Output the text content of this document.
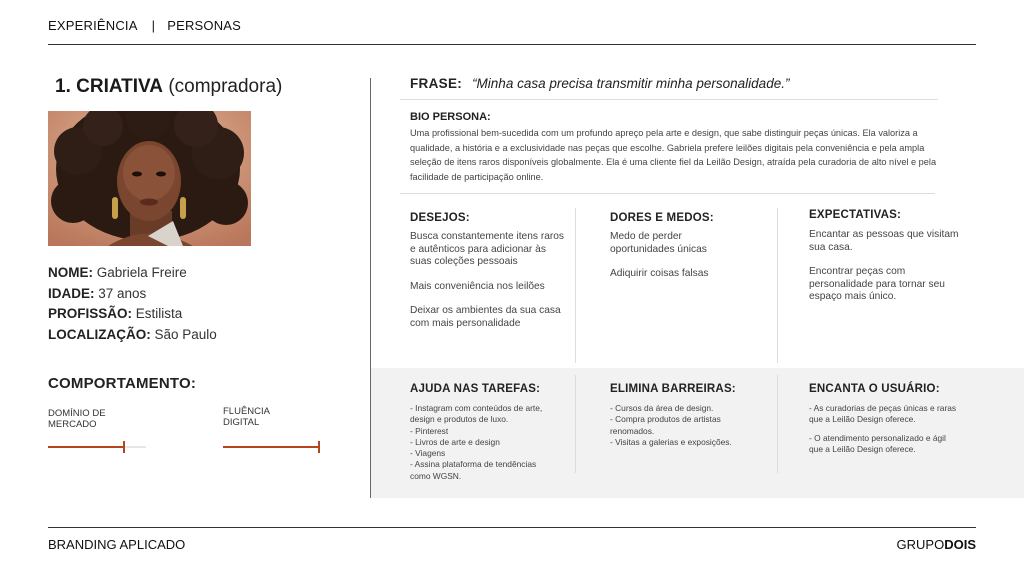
EXPERIÊNCIA | PERSONAS
1. CRIATIVA (compradora)
NOME: Gabriela Freire
IDADE: 37 anos
PROFISSÃO: Estilista
LOCALIZAÇÃO: São Paulo
COMPORTAMENTO:
DOMÍNIO DE MERCADO
FLUÊNCIA DIGITAL
FRASE: “Minha casa precisa transmitir minha personalidade.”
BIO PERSONA:
Uma profissional bem-sucedida com um profundo apreço pela arte e design, que sabe distinguir peças únicas. Ela valoriza a qualidade, a história e a exclusividade nas peças que escolhe. Gabriela prefere leilões digitais pela conveniência e pela ampla seleção de itens raros disponíveis globalmente. Ela é uma cliente fiel da Leilão Design, atraída pela curadoria de alto nível e pela facilidade de participação online.
DESEJOS:

Busca constantemente itens raros e autênticos para adicionar às suas coleções pessoais

Mais conveniência nos leilões

Deixar os ambientes da sua casa com mais personalidade

DORES E MEDOS:

Medo de perder oportunidades únicas

Adiquirir coisas falsas

EXPECTATIVAS:

Encantar as pessoas que visitam sua casa.

Encontrar peças com personalidade para tornar seu espaço mais único.

AJUDA NAS TAREFAS:

- Instagram com conteúdos de arte, design e produtos de luxo.

- Pinterest

- Livros de arte e design

- Viagens

- Assina plataforma de tendências como WGSN.

ELIMINA BARREIRAS:

- Cursos da área de design.

- Compra produtos de artistas renomados.

- Visitas a galerias e exposições.

ENCANTA O USUÁRIO:

- As curadorias de peças únicas e raras que a Leilão Design oferece.

- O atendimento personalizado e ágil que a Leilão Design oferece.

BRANDING APLICADO	GRUPODOIS
